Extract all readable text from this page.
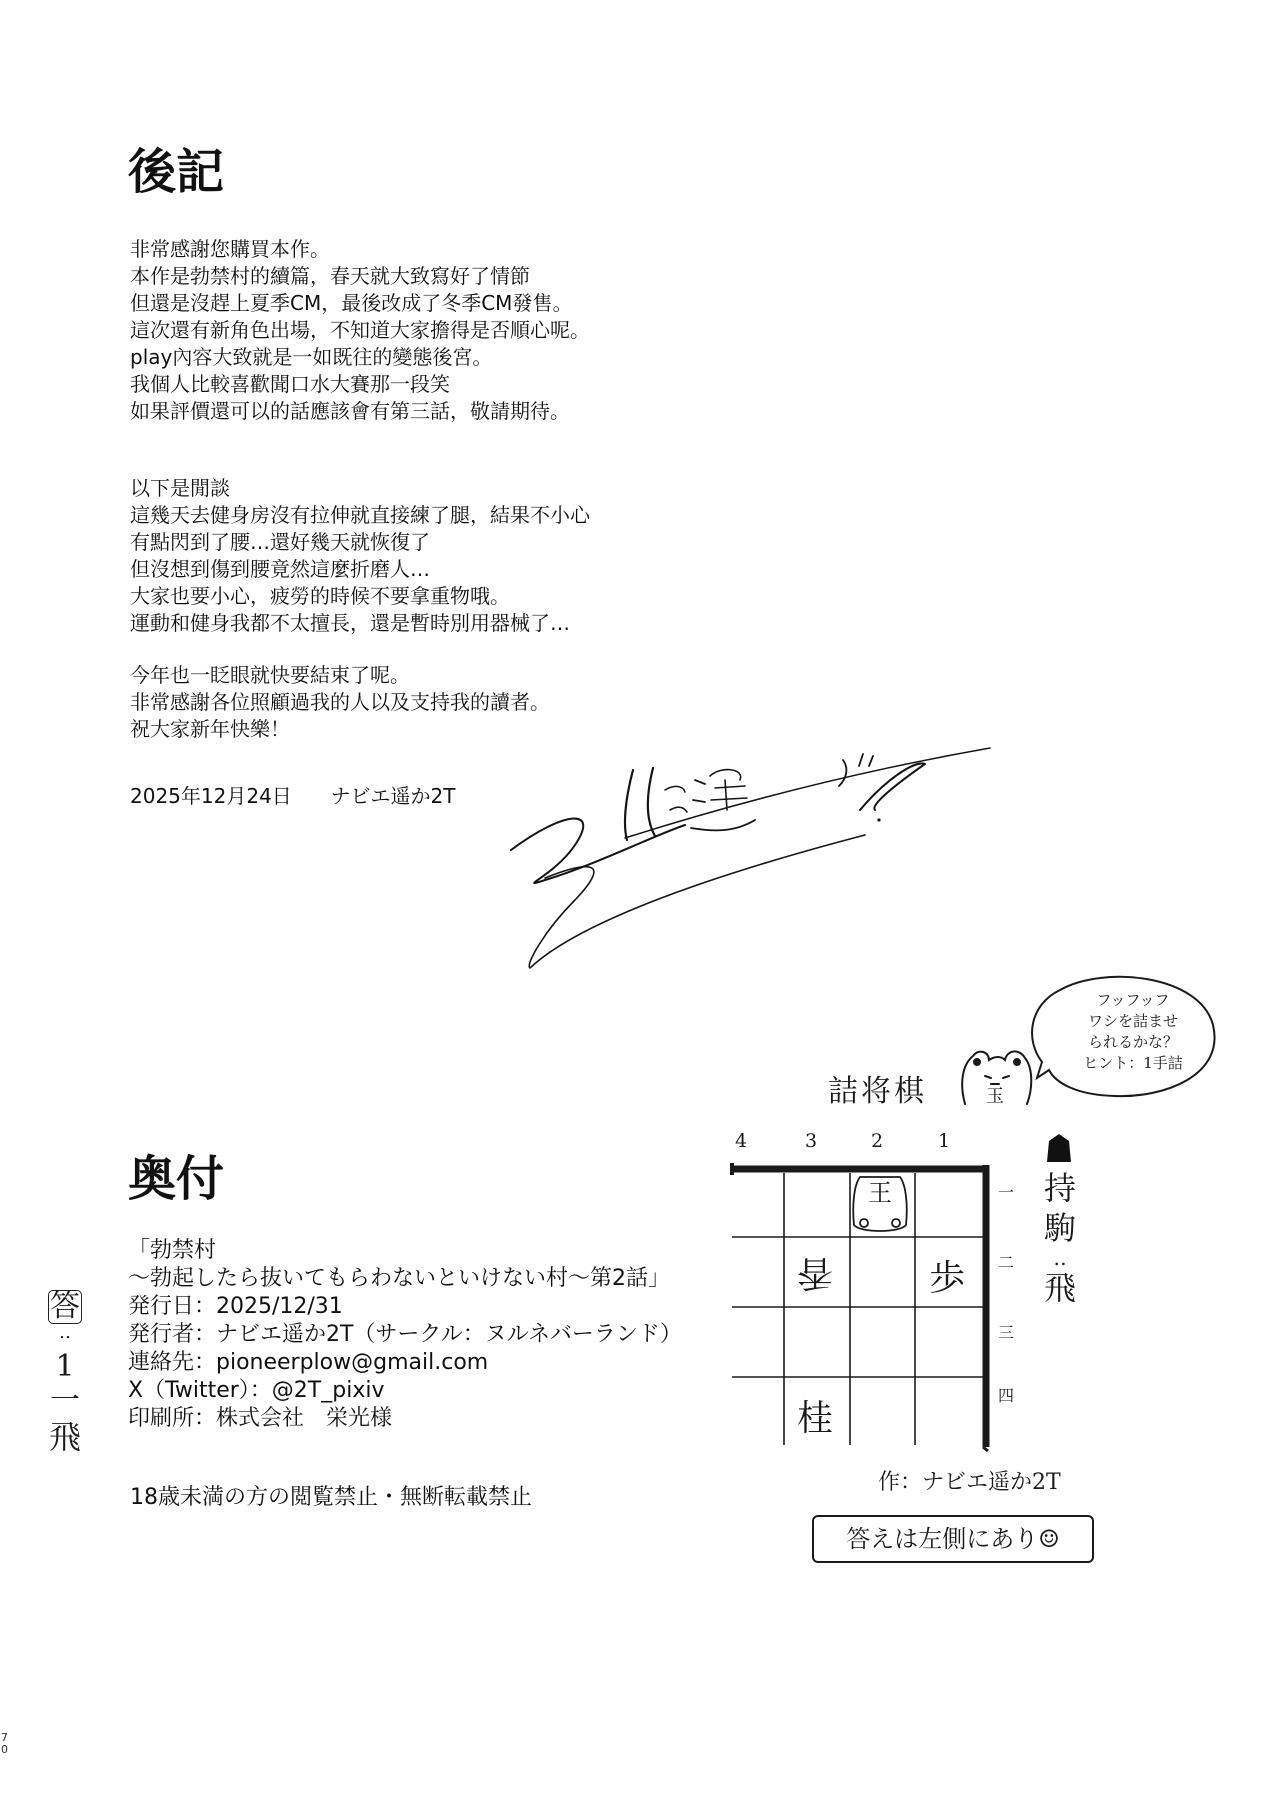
後記
非常感謝您購買本作。
本作是勃禁村的續篇，春天就大致寫好了情節
但還是沒趕上夏季CM，最後改成了冬季CM發售。
這次還有新角色出場，不知道大家擔得是否順心呢。
play內容大致就是一如既往的變態後宮。
我個人比較喜歡聞口水大賽那一段笑
如果評價還可以的話應該會有第三話，敬請期待。
以下是閒談
這幾天去健身房沒有拉伸就直接練了腿，結果不小心
有點閃到了腰…還好幾天就恢復了
但沒想到傷到腰竟然這麼折磨人…
大家也要小心，疲勞的時候不要拿重物哦。
運動和健身我都不太擅長，還是暫時別用器械了…
今年也一眨眼就快要結束了呢。
非常感謝各位照顧過我的人以及支持我的讀者。
祝大家新年快樂！
2025年12月24日 ナビエ遥か2T
奥付
「勃禁村
～勃起したら抜いてもらわないといけない村～第2話」
発行日：2025/12/31
発行者：ナビエ遥か2T（サークル：ヌルネバーランド）
連絡先：pioneerplow@gmail.com
X（Twitter）：@2T_pixiv
印刷所：株式会社　栄光様
18歳未満の方の閲覧禁止・無断転載禁止
答
‥
1
一
飛
詰将棋	玉
フッフッフ
ワシを詰ませ
られるかな？
ヒント：1手詰
4	3	2	1
王
香	歩
桂
一
二
三
四
持
駒
‥
飛
作：ナビエ遥か2T
答えは左側にあり☺
7
0
